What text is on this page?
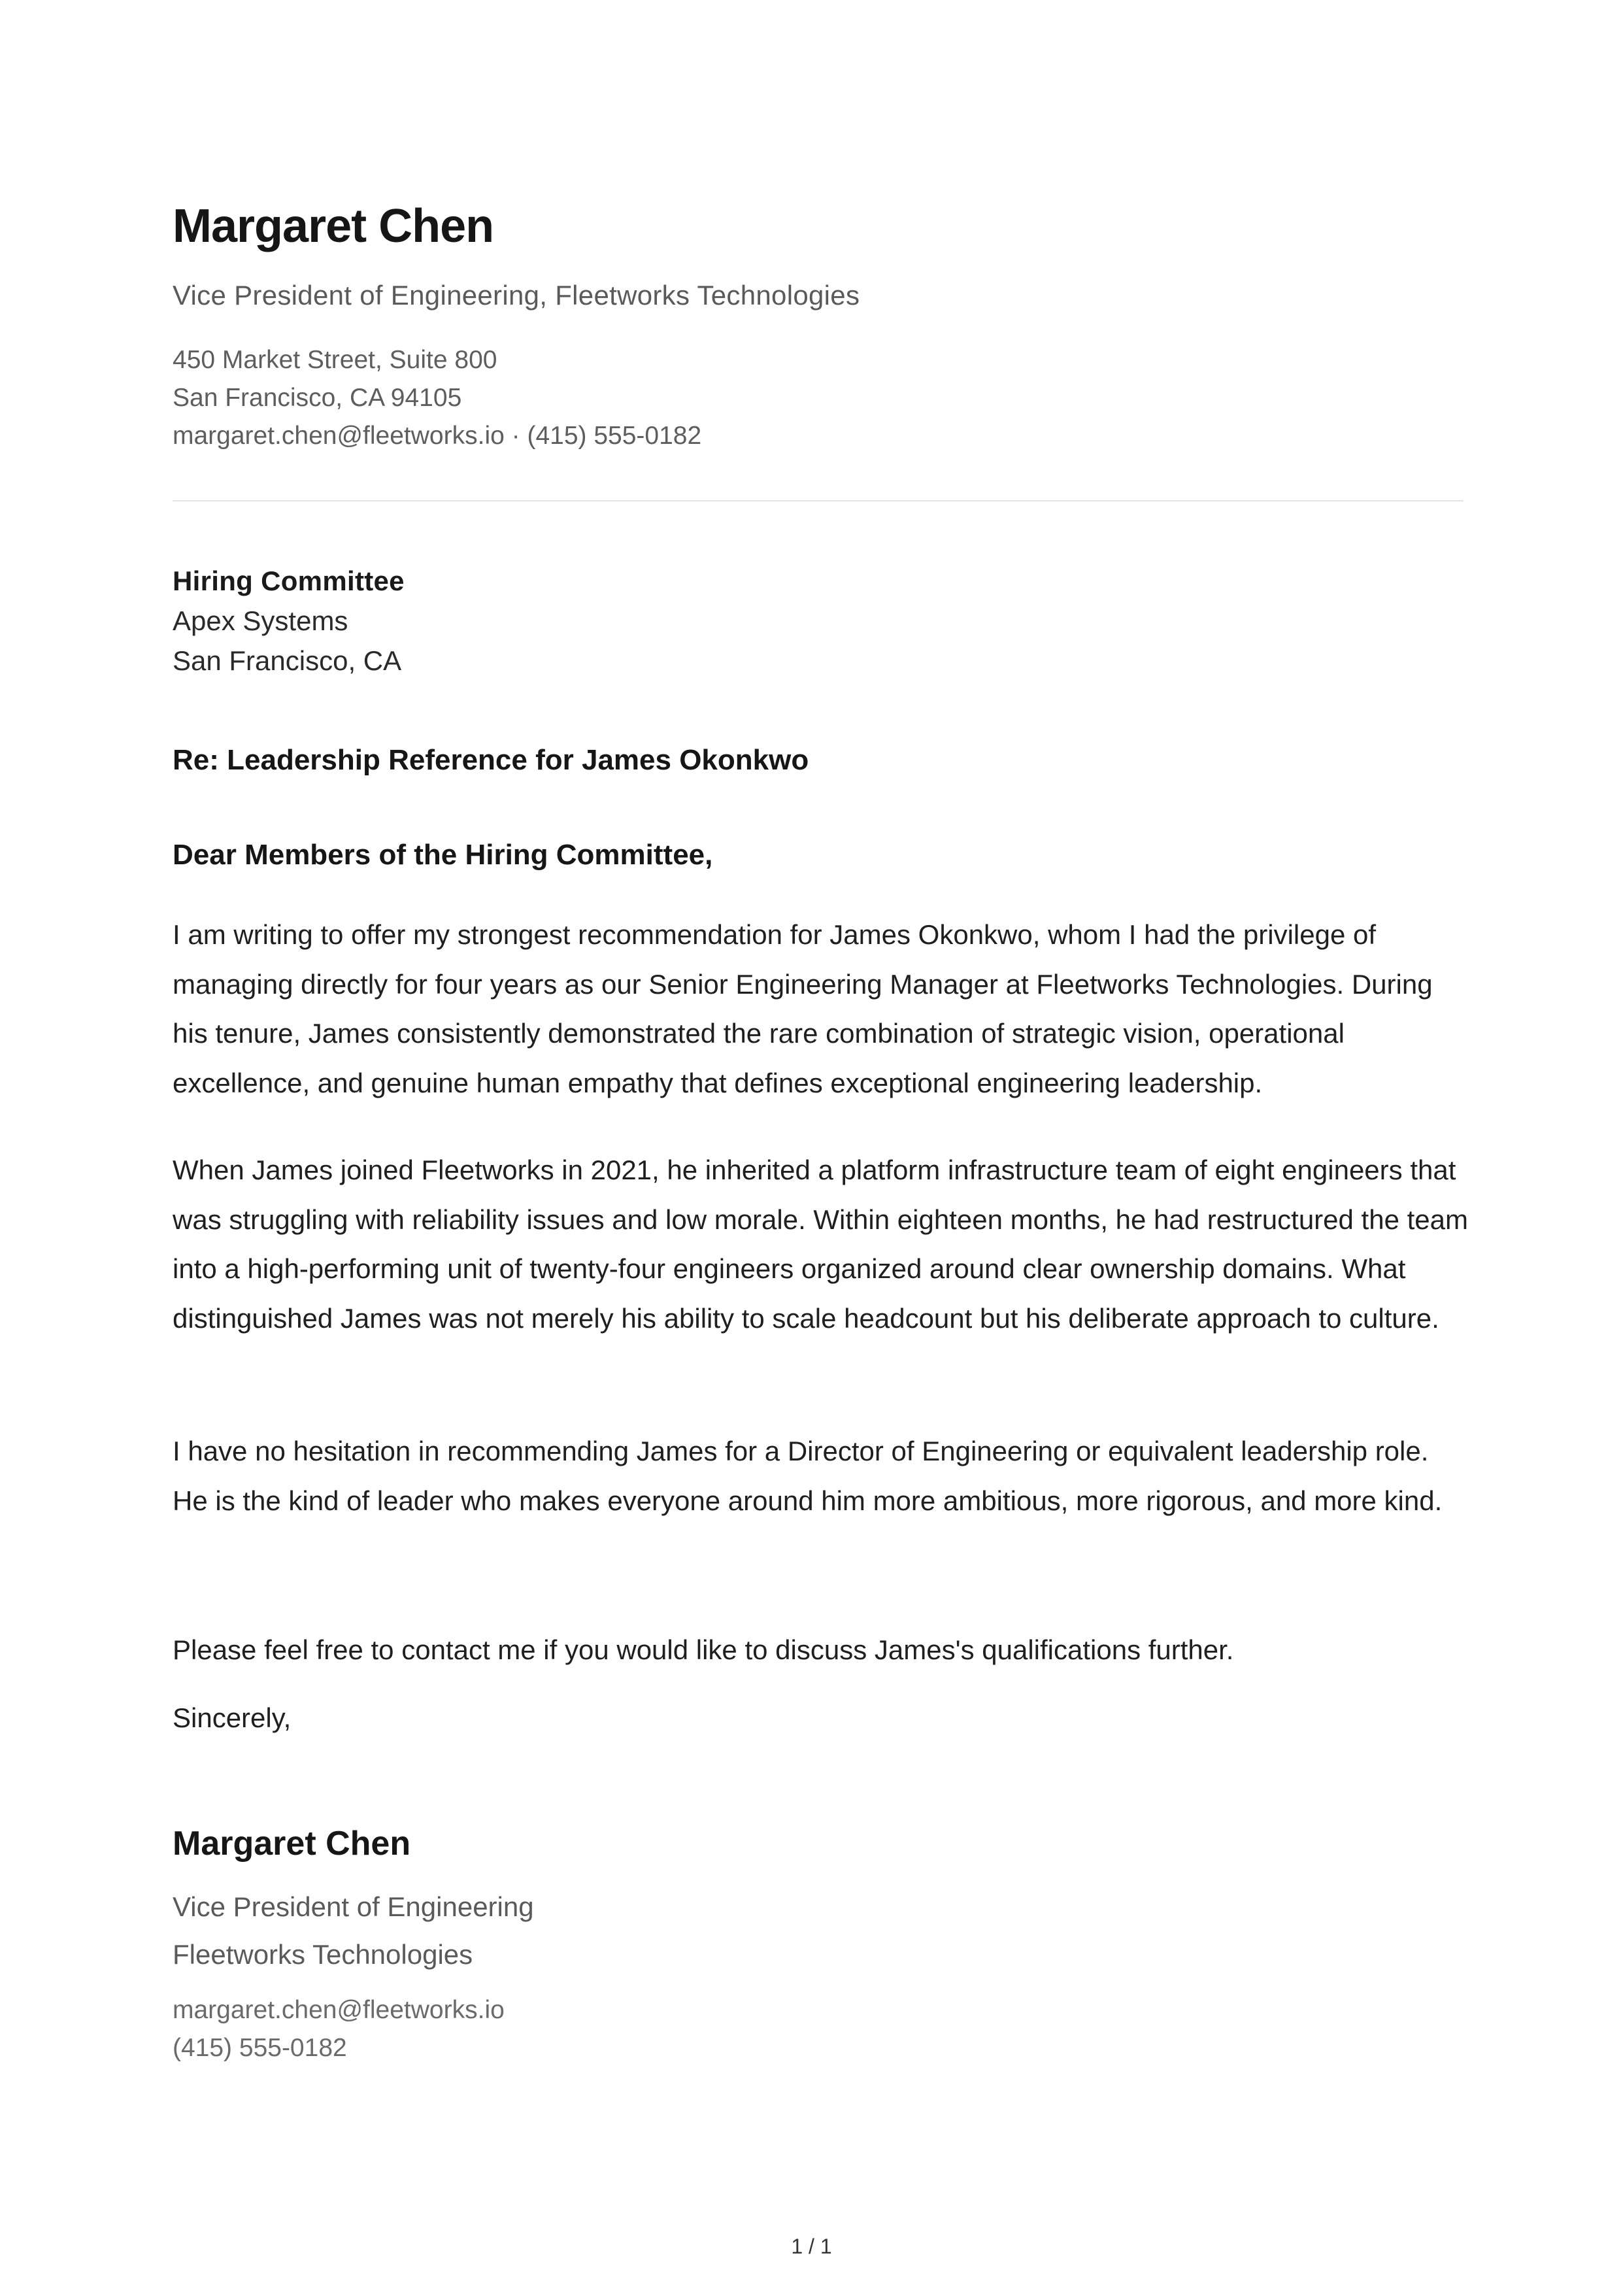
Margaret Chen
Vice President of Engineering, Fleetworks Technologies
450 Market Street, Suite 800
San Francisco, CA 94105
margaret.chen@fleetworks.io · (415) 555-0182
Hiring Committee
Apex Systems
San Francisco, CA
Re: Leadership Reference for James Okonkwo
Dear Members of the Hiring Committee,

I am writing to offer my strongest recommendation for James Okonkwo, whom I had the privilege of managing directly for four years as our Senior Engineering Manager at Fleetworks Technologies. During his tenure, James consistently demonstrated the rare combination of strategic vision, operational excellence, and genuine human empathy that defines exceptional engineering leadership.

When James joined Fleetworks in 2021, he inherited a platform infrastructure team of eight engineers that was struggling with reliability issues and low morale. Within eighteen months, he had restructured the team into a high-performing unit of twenty-four engineers organized around clear ownership domains. What distinguished James was not merely his ability to scale headcount but his deliberate approach to culture.

I have no hesitation in recommending James for a Director of Engineering or equivalent leadership role. He is the kind of leader who makes everyone around him more ambitious, more rigorous, and more kind.

Please feel free to contact me if you would like to discuss James's qualifications further.
Sincerely,
Margaret Chen
Vice President of Engineering
Fleetworks Technologies
margaret.chen@fleetworks.io
(415) 555-0182
1 / 1
